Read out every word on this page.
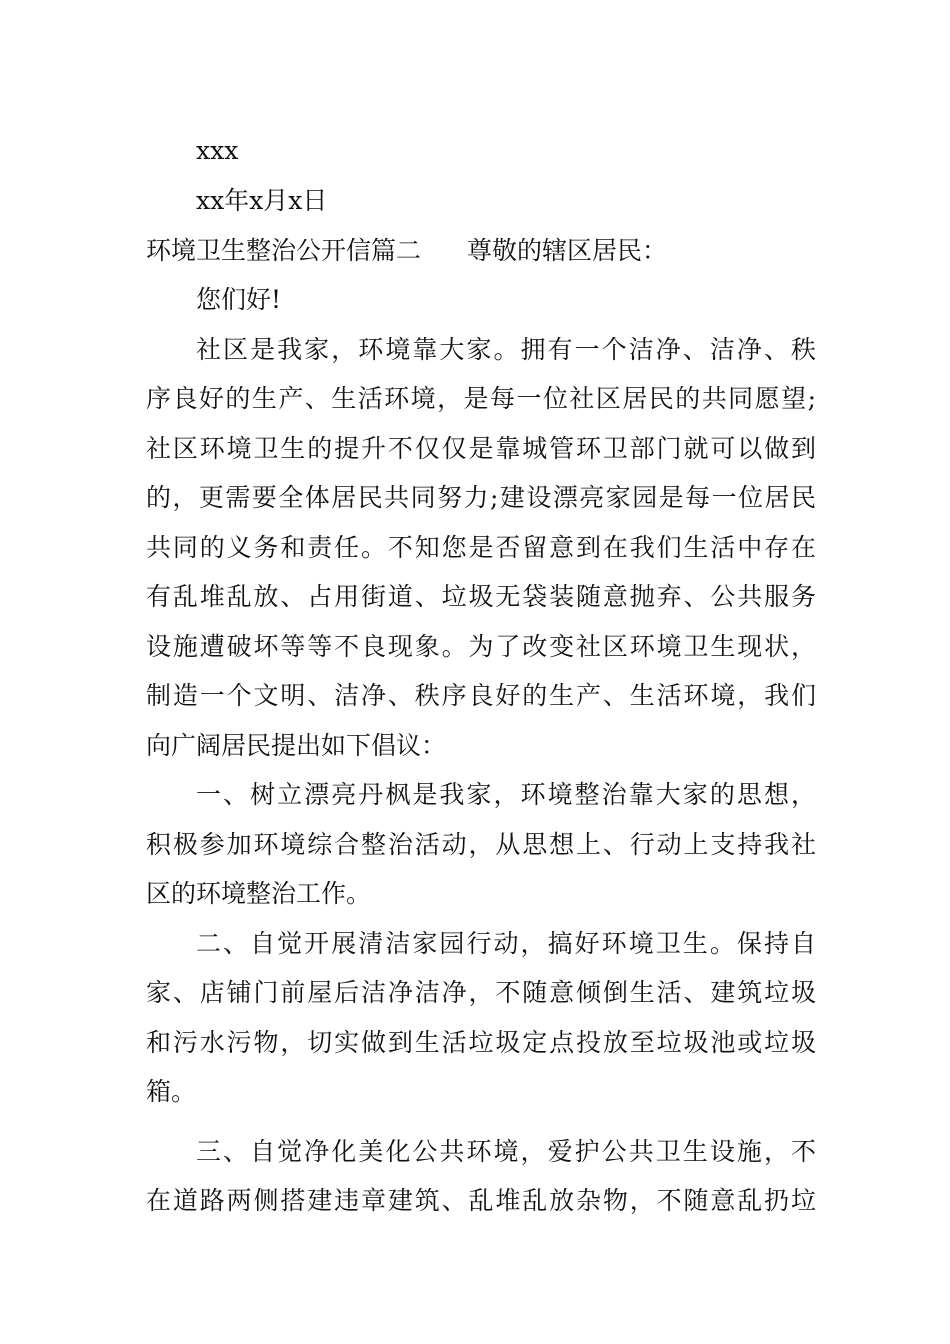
xxx
xx年x月x日
环境卫生整治公开信篇二 尊敬的辖区居民：
您们好!
社区是我家，环境靠大家。拥有一个洁净、洁净、秩
序良好的生产、生活环境，是每一位社区居民的共同愿望;
社区环境卫生的提升不仅仅是靠城管环卫部门就可以做到
的，更需要全体居民共同努力;建设漂亮家园是每一位居民
共同的义务和责任。不知您是否留意到在我们生活中存在
有乱堆乱放、占用街道、垃圾无袋装随意抛弃、公共服务
设施遭破坏等等不良现象。为了改变社区环境卫生现状，
制造一个文明、洁净、秩序良好的生产、生活环境，我们
向广阔居民提出如下倡议：
一、树立漂亮丹枫是我家，环境整治靠大家的思想，
积极参加环境综合整治活动，从思想上、行动上支持我社
区的环境整治工作。
二、自觉开展清洁家园行动，搞好环境卫生。保持自
家、店铺门前屋后洁净洁净，不随意倾倒生活、建筑垃圾
和污水污物，切实做到生活垃圾定点投放至垃圾池或垃圾
箱。
三、自觉净化美化公共环境，爱护公共卫生设施，不
在道路两侧搭建违章建筑、乱堆乱放杂物，不随意乱扔垃
